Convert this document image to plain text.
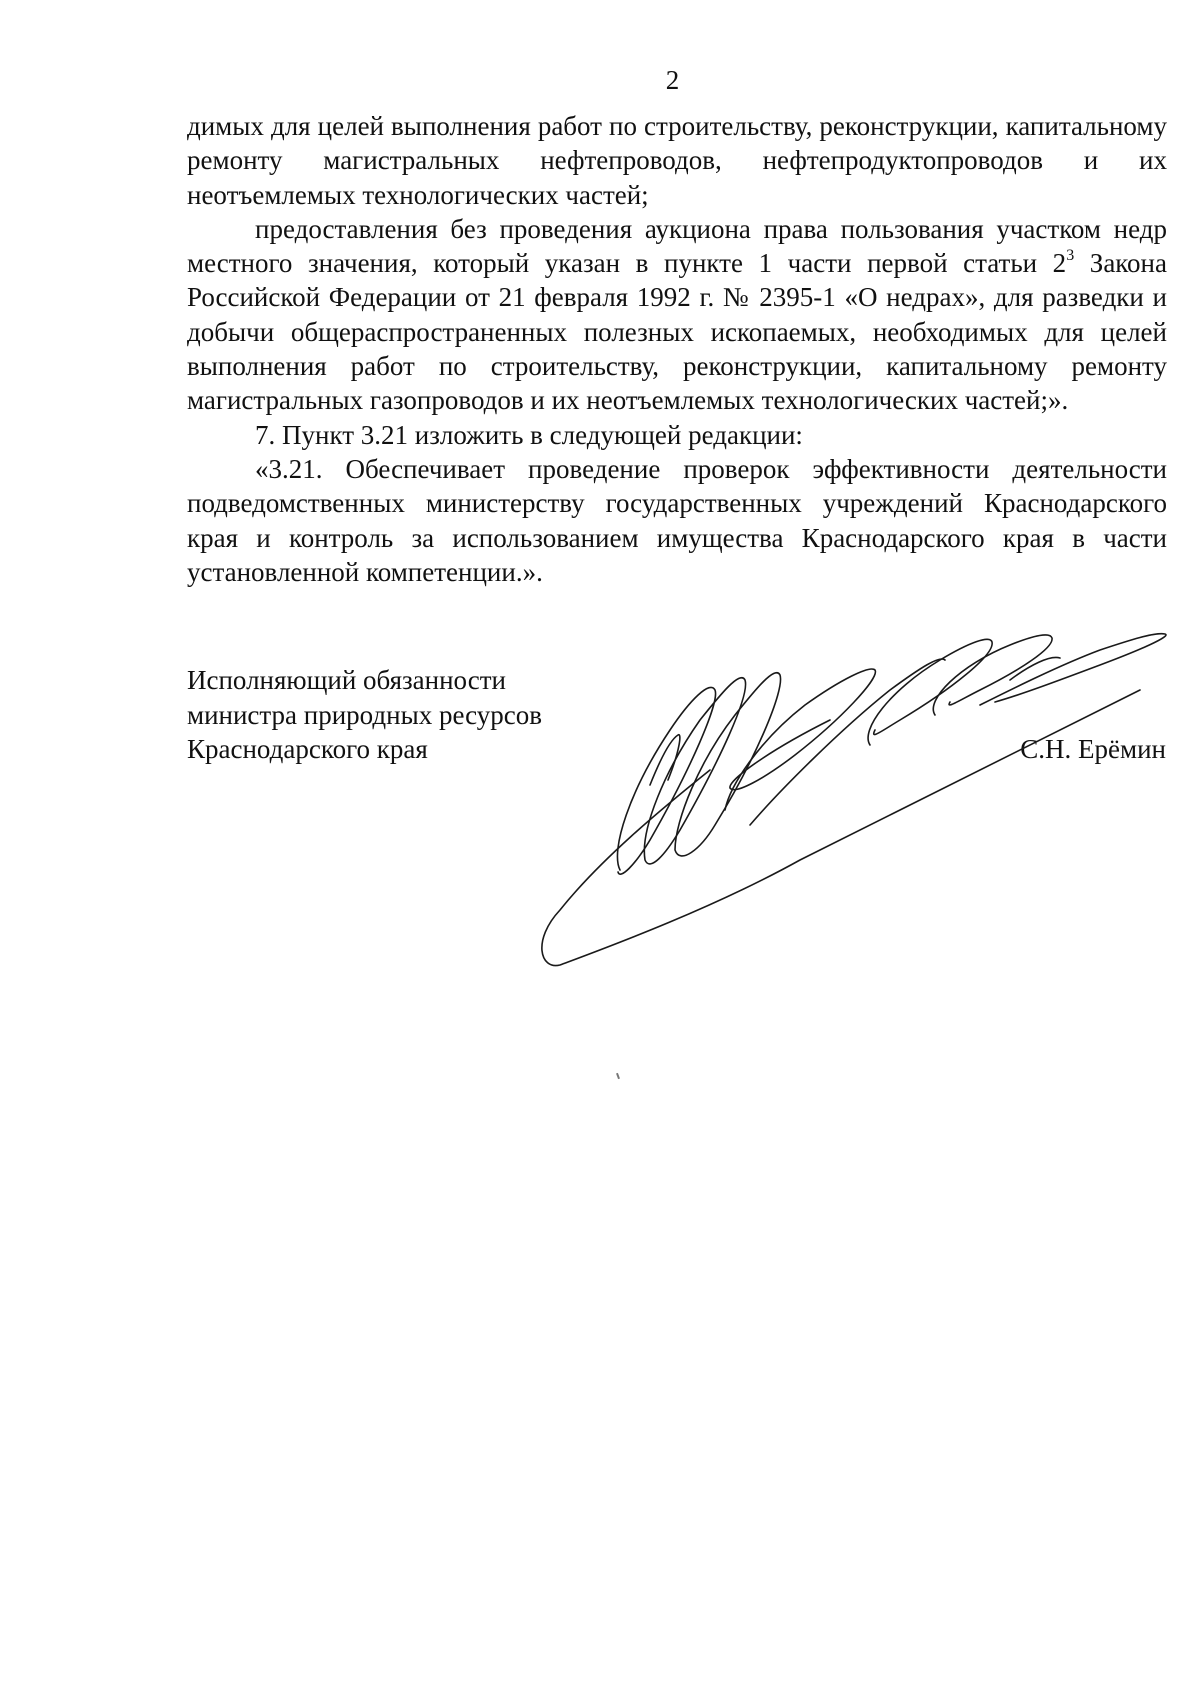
2

димых для целей выполнения работ по строительству, реконструкции, капитальному ремонту магистральных нефтепроводов, нефтепродуктопроводов и их неотъемлемых технологических частей;

предоставления без проведения аукциона права пользования участком недр местного значения, который указан в пункте 1 части первой статьи $2^3$ Закона Российской Федерации от 21 февраля 1992 г. № 2395-1 «О недрах», для разведки и добычи общераспространенных полезных ископаемых, необходимых для целей выполнения работ по строительству, реконструкции, капитальному ремонту магистральных газопроводов и их неотъемлемых технологических частей;».

7. Пункт 3.21 изложить в следующей редакции:

«3.21. Обеспечивает проведение проверок эффективности деятельности подведомственных министерству государственных учреждений Краснодарского края и контроль за использованием имущества Краснодарского края в части установленной компетенции.».

Исполняющий обязанности
министра природных ресурсов
Краснодарского края	С.Н. Ерёмин
